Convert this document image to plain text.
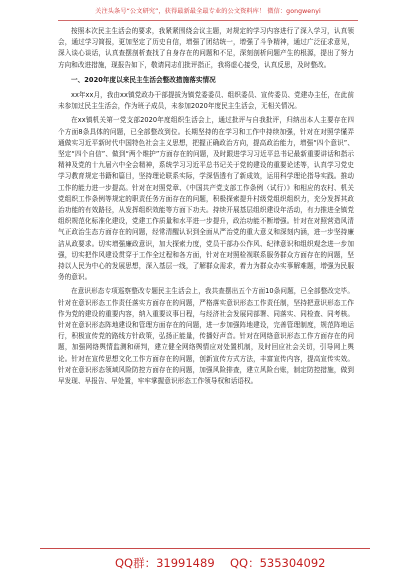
关注头条号“公文研究”，获得最新最全最专业的公文资料库！ 微信：gongwenyi

按照本次民主生活会的要求，我紧紧围绕会议主题，对规定的学习内容进行了深入学习，认真领会，通过学习简报，更加坚定了历史自信，增强了团结统一，增强了斗争精神，通过广泛征求意见，深入谈心谈话，认真查摆剖析查找了自身存在的问题和不足，深刻剖析问题产生的根源，提出了努力方向和改进措施，现报告如下，敬请同志们批评指正，我将虚心接受，认真反思，及时整改。

一、2020年度以来民主生活会整改措施落实情况

xx年xx月，我由xx镇党政办干部提拔为镇党委委员、组织委员、宣传委员、党建办主任，在此前未参加过民主生活会，作为班子成员，未参加2020年度民主生活会，无相关情况。

在xx镇机关第一党支部2020年度组织生活会上，通过批评与自我批评，归纳出本人主要存在四个方面8条具体的问题，已全部整改到位。长期坚持的在学习和工作中持续加强，针对在对照学懂弄通做实习近平新时代中国特色社会主义思想，把握正确政治方向，提高政治能力，增强“四个意识”、坚定“四个自信”、做到“两个维护”方面存在的问题，及时跟进学习习近平总书记最新重要讲话和指示精神及党的十九届六中全会精神，系统学习习近平总书记关于党的建设的重要论述等，认真学习党史学习教育规定书籍和篇目，坚持理论联系实际，学深悟透有了新成效，运用科学理论指导实践。推动工作的能力进一步提高。针对在对照党章、《中国共产党支部工作条例（试行）》和相应的农村、机关党组织工作条例等规定的职责任务方面存在的问题，积极探索提升村级党组织组织力，充分发挥其政治功能的有效路径，从发挥组织效能等方面下功夫。持续开展基层组织建设年活动，有力推进全镇党组织规范化标准化建设，党建工作质量和水平进一步提升，政治功能不断增强。针对在对照营造风清气正政治生态方面存在的问题，经常清醒认识到全面从严治党的重大意义和深刻内涵，进一步坚持廉洁从政要求。切实增强廉政意识，加大探索力度，党员干部办公作风、纪律意识和组织观念进一步加强，切实把作风建设贯穿于工作全过程和各方面，针对在对照检视联系服务群众方面存在的问题，坚持以人民为中心的发展思想，深入基层一线，了解群众需求，着力为群众办实事解难题，增强为民服务的意识。

在意识形态专项巡察整改专题民主生活会上，我共查摆出五个方面10条问题，已全部整改完毕。针对在意识形态工作责任落实方面存在的问题，严格落实意识形态工作责任制，坚持把意识形态工作作为党的建设的重要内容，纳入重要议事日程，与经济社会发展同部署、同落实、同检查、同考核。针对在意识形态阵地建设和管理方面存在的问题，进一步加强阵地建设，完善管理制度，规范阵地运行，积极宣传党的路线方针政策，弘扬正能量，传播好声音。针对在网络意识形态工作方面存在的问题，加强网络舆情监测和研判，建立健全网络舆情应对处置机制，及时回应社会关切，引导网上舆论。针对在宣传思想文化工作方面存在的问题，创新宣传方式方法，丰富宣传内容，提高宣传实效。针对在意识形态领域风险防控方面存在的问题，加强风险排查，建立风险台账，制定防控措施，做到早发现、早报告、早处置，牢牢掌握意识形态工作领导权和话语权。

QQ群：31991489 QQ：535304092
